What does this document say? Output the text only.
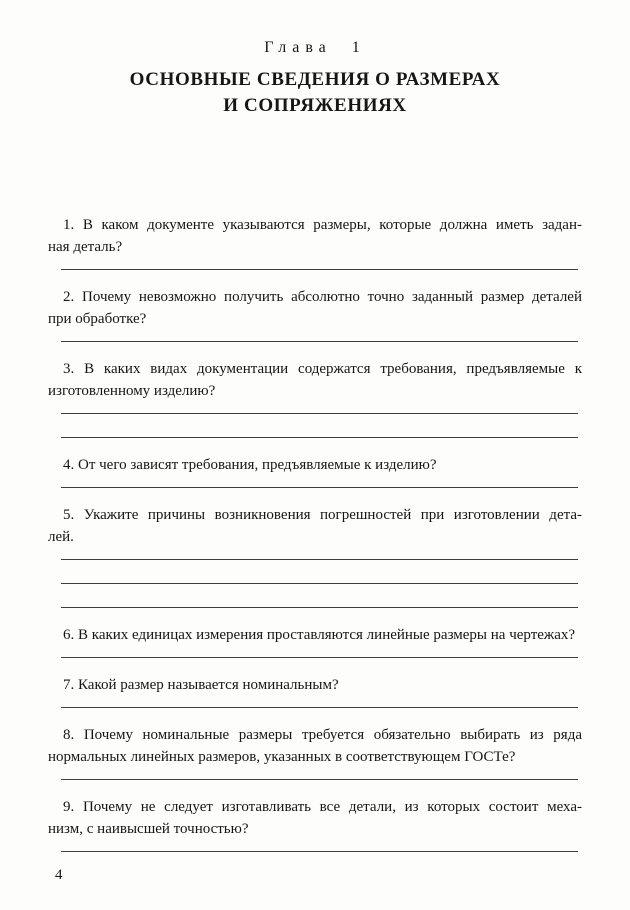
Глава 1
ОСНОВНЫЕ СВЕДЕНИЯ О РАЗМЕРАХ
И СОПРЯЖЕНИЯХ
1. В каком документе указываются размеры, которые должна иметь задан-
ная деталь?
2. Почему невозможно получить абсолютно точно заданный размер деталей
при обработке?
3. В каких видах документации содержатся требования, предъявляемые к
изготовленному изделию?
4. От чего зависят требования, предъявляемые к изделию?
5. Укажите причины возникновения погрешностей при изготовлении дета-
лей.
6. В каких единицах измерения проставляются линейные размеры на чертежах?
7. Какой размер называется номинальным?
8. Почему номинальные размеры требуется обязательно выбирать из ряда
нормальных линейных размеров, указанных в соответствующем ГОСТе?
9. Почему не следует изготавливать все детали, из которых состоит меха-
низм, с наивысшей точностью?
4
